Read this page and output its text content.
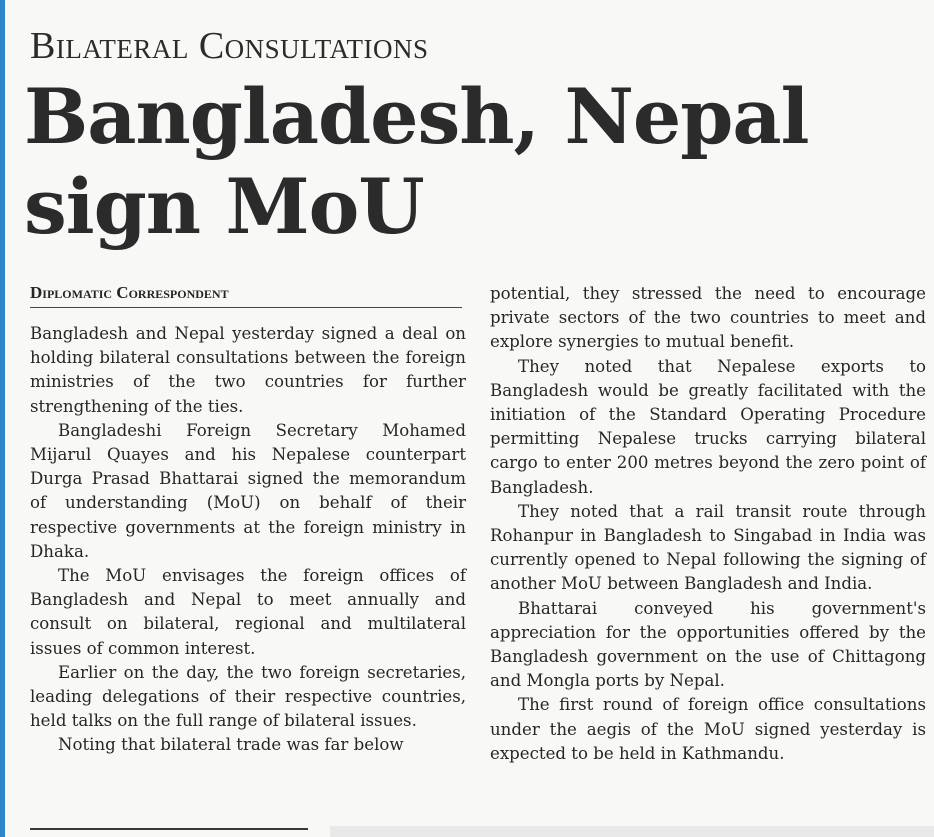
Bilateral Consultations
Bangladesh, Nepal sign MoU
Diplomatic Correspondent

Bangladesh and Nepal yesterday signed a deal on holding bilateral consultations between the foreign ministries of the two countries for further strengthening of the ties.

Bangladeshi Foreign Secretary Mohamed Mijarul Quayes and his Nepalese counterpart Durga Prasad Bhattarai signed the memorandum of understanding (MoU) on behalf of their respective governments at the foreign ministry in Dhaka.

The MoU envisages the foreign offices of Bangladesh and Nepal to meet annually and consult on bilateral, regional and multilateral issues of common interest.

Earlier on the day, the two foreign secretaries, leading delegations of their respective countries, held talks on the full range of bilateral issues.

Noting that bilateral trade was far below

potential, they stressed the need to encourage private sectors of the two countries to meet and explore synergies to mutual benefit.

They noted that Nepalese exports to Bangladesh would be greatly facilitated with the initiation of the Standard Operating Procedure permitting Nepalese trucks carrying bilateral cargo to enter 200 metres beyond the zero point of Bangladesh.

They noted that a rail transit route through Rohanpur in Bangladesh to Singabad in India was currently opened to Nepal following the signing of another MoU between Bangladesh and India.

Bhattarai conveyed his government's appreciation for the opportunities offered by the Bangladesh government on the use of Chittagong and Mongla ports by Nepal.

The first round of foreign office consultations under the aegis of the MoU signed yesterday is expected to be held in Kathmandu.
